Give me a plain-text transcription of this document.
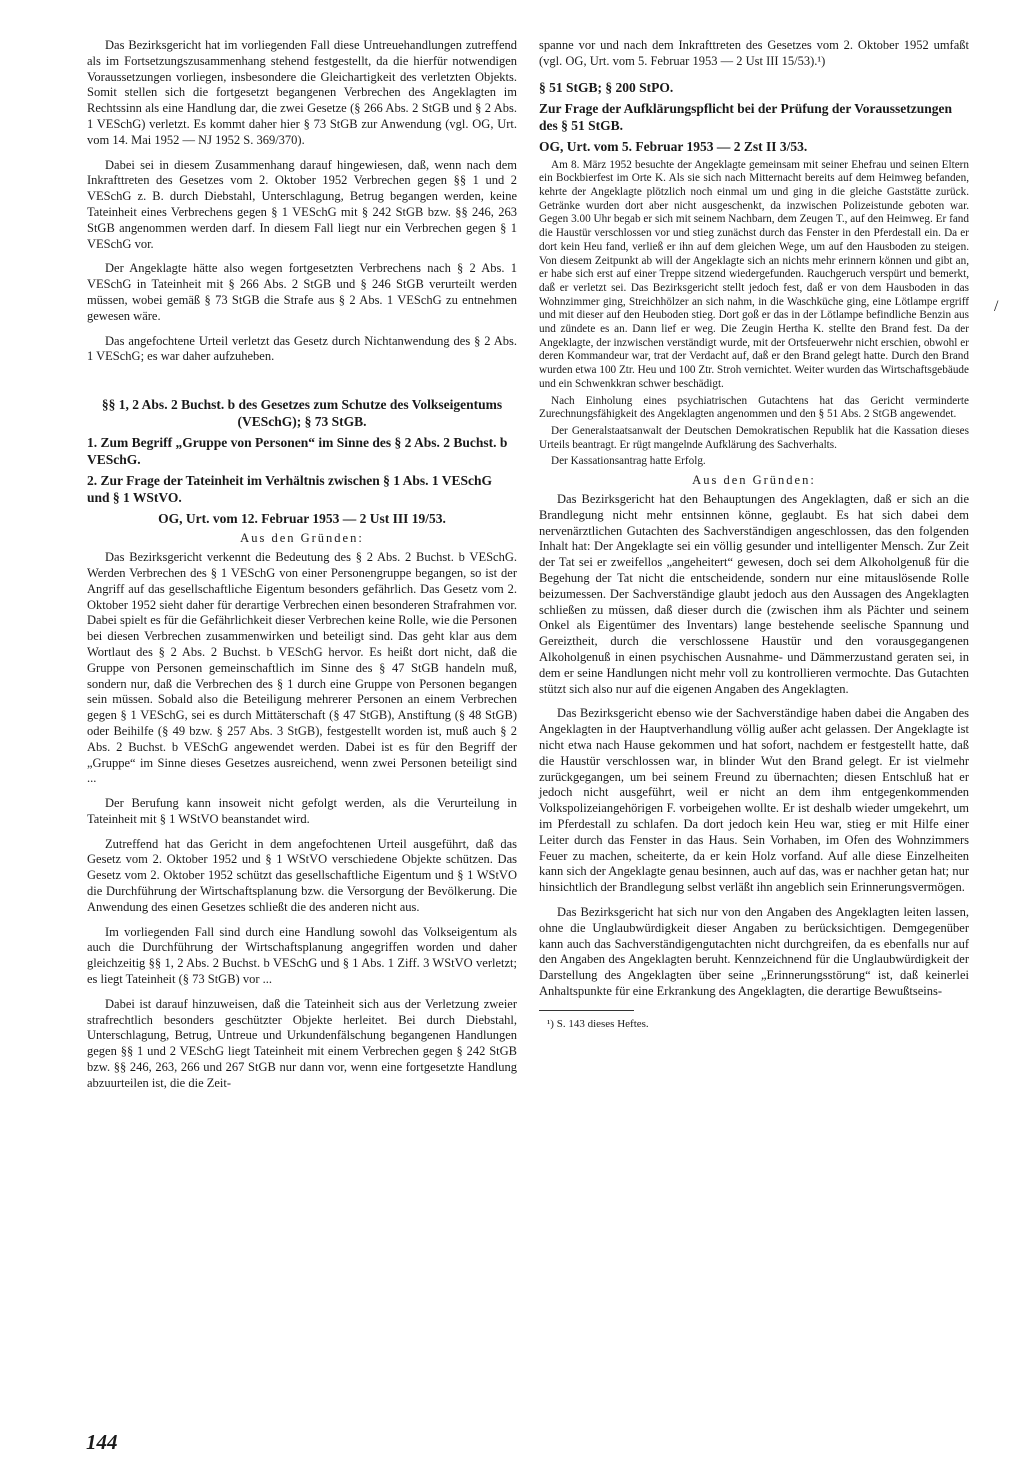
Das Bezirksgericht hat im vorliegenden Fall diese Untreuehandlungen zutreffend als im Fortsetzungszusammenhang stehend festgestellt, da die hierfür notwendigen Voraussetzungen vorliegen, insbesondere die Gleichartigkeit des verletzten Objekts. Somit stellen sich die fortgesetzt begangenen Verbrechen des Angeklagten im Rechtssinn als eine Handlung dar, die zwei Gesetze (§ 266 Abs. 2 StGB und § 2 Abs. 1 VESchG) verletzt. Es kommt daher hier § 73 StGB zur Anwendung (vgl. OG, Urt. vom 14. Mai 1952 — NJ 1952 S. 369/370).

Dabei sei in diesem Zusammenhang darauf hingewiesen, daß, wenn nach dem Inkrafttreten des Gesetzes vom 2. Oktober 1952 Verbrechen gegen §§ 1 und 2 VESchG z. B. durch Diebstahl, Unterschlagung, Betrug begangen werden, keine Tateinheit eines Verbrechens gegen § 1 VESchG mit § 242 StGB bzw. §§ 246, 263 StGB angenommen werden darf. In diesem Fall liegt nur ein Verbrechen gegen § 1 VESchG vor.

Der Angeklagte hätte also wegen fortgesetzten Verbrechens nach § 2 Abs. 1 VESchG in Tateinheit mit § 266 Abs. 2 StGB und § 246 StGB verurteilt werden müssen, wobei gemäß § 73 StGB die Strafe aus § 2 Abs. 1 VESchG zu entnehmen gewesen wäre.

Das angefochtene Urteil verletzt das Gesetz durch Nichtanwendung des § 2 Abs. 1 VESchG; es war daher aufzuheben.

§§ 1, 2 Abs. 2 Buchst. b des Gesetzes zum Schutze des Volkseigentums (VESchG); § 73 StGB.

1. Zum Begriff „Gruppe von Personen“ im Sinne des § 2 Abs. 2 Buchst. b VESchG.

2. Zur Frage der Tateinheit im Verhältnis zwischen § 1 Abs. 1 VESchG und § 1 WStVO.

OG, Urt. vom 12. Februar 1953 — 2 Ust III 19/53.

Aus den Gründen:

Das Bezirksgericht verkennt die Bedeutung des § 2 Abs. 2 Buchst. b VESchG. Werden Verbrechen des § 1 VESchG von einer Personengruppe begangen, so ist der Angriff auf das gesellschaftliche Eigentum besonders gefährlich. Das Gesetz vom 2. Oktober 1952 sieht daher für derartige Verbrechen einen besonderen Strafrahmen vor. Dabei spielt es für die Gefährlichkeit dieser Verbrechen keine Rolle, wie die Personen bei diesen Verbrechen zusammenwirken und beteiligt sind. Das geht klar aus dem Wortlaut des § 2 Abs. 2 Buchst. b VESchG hervor. Es heißt dort nicht, daß die Gruppe von Personen gemeinschaftlich im Sinne des § 47 StGB handeln muß, sondern nur, daß die Verbrechen des § 1 durch eine Gruppe von Personen begangen sein müssen. Sobald also die Beteiligung mehrerer Personen an einem Verbrechen gegen § 1 VESchG, sei es durch Mittäterschaft (§ 47 StGB), Anstiftung (§ 48 StGB) oder Beihilfe (§ 49 bzw. § 257 Abs. 3 StGB), festgestellt worden ist, muß auch § 2 Abs. 2 Buchst. b VESchG angewendet werden. Dabei ist es für den Begriff der „Gruppe“ im Sinne dieses Gesetzes ausreichend, wenn zwei Personen beteiligt sind ...

Der Berufung kann insoweit nicht gefolgt werden, als die Verurteilung in Tateinheit mit § 1 WStVO beanstandet wird.

Zutreffend hat das Gericht in dem angefochtenen Urteil ausgeführt, daß das Gesetz vom 2. Oktober 1952 und § 1 WStVO verschiedene Objekte schützen. Das Gesetz vom 2. Oktober 1952 schützt das gesellschaftliche Eigentum und § 1 WStVO die Durchführung der Wirtschaftsplanung bzw. die Versorgung der Bevölkerung. Die Anwendung des einen Gesetzes schließt die des anderen nicht aus.

Im vorliegenden Fall sind durch eine Handlung sowohl das Volkseigentum als auch die Durchführung der Wirtschaftsplanung angegriffen worden und daher gleichzeitig §§ 1, 2 Abs. 2 Buchst. b VESchG und § 1 Abs. 1 Ziff. 3 WStVO verletzt; es liegt Tateinheit (§ 73 StGB) vor ...

Dabei ist darauf hinzuweisen, daß die Tateinheit sich aus der Verletzung zweier strafrechtlich besonders geschützter Objekte herleitet. Bei durch Diebstahl, Unterschlagung, Betrug, Untreue und Urkundenfälschung begangenen Handlungen gegen §§ 1 und 2 VESchG liegt Tateinheit mit einem Verbrechen gegen § 242 StGB bzw. §§ 246, 263, 266 und 267 StGB nur dann vor, wenn eine fortgesetzte Handlung abzuurteilen ist, die die Zeit-

spanne vor und nach dem Inkrafttreten des Gesetzes vom 2. Oktober 1952 umfaßt (vgl. OG, Urt. vom 5. Februar 1953 — 2 Ust III 15/53).¹)

§ 51 StGB; § 200 StPO.

Zur Frage der Aufklärungspflicht bei der Prüfung der Voraussetzungen des § 51 StGB.

OG, Urt. vom 5. Februar 1953 — 2 Zst II 3/53.

Am 8. März 1952 besuchte der Angeklagte gemeinsam mit seiner Ehefrau und seinen Eltern ein Bockbierfest im Orte K. Als sie sich nach Mitternacht bereits auf dem Heimweg befanden, kehrte der Angeklagte plötzlich noch einmal um und ging in die gleiche Gaststätte zurück. Getränke wurden dort aber nicht ausgeschenkt, da inzwischen Polizeistunde geboten war. Gegen 3.00 Uhr begab er sich mit seinem Nachbarn, dem Zeugen T., auf den Heimweg. Er fand die Haustür verschlossen vor und stieg zunächst durch das Fenster in den Pferdestall ein. Da er dort kein Heu fand, verließ er ihn auf dem gleichen Wege, um auf den Hausboden zu steigen. Von diesem Zeitpunkt ab will der Angeklagte sich an nichts mehr erinnern können und gibt an, er habe sich erst auf einer Treppe sitzend wiedergefunden. Rauchgeruch verspürt und bemerkt, daß er verletzt sei. Das Bezirksgericht stellt jedoch fest, daß er von dem Hausboden in das Wohnzimmer ging, Streichhölzer an sich nahm, in die Waschküche ging, eine Lötlampe ergriff und mit dieser auf den Heuboden stieg. Dort goß er das in der Lötlampe befindliche Benzin aus und zündete es an. Dann lief er weg. Die Zeugin Hertha K. stellte den Brand fest. Da der Angeklagte, der inzwischen verständigt wurde, mit der Ortsfeuerwehr nicht erschien, obwohl er deren Kommandeur war, trat der Verdacht auf, daß er den Brand gelegt hatte. Durch den Brand wurden etwa 100 Ztr. Heu und 100 Ztr. Stroh vernichtet. Weiter wurden das Wirtschaftsgebäude und ein Schwenkkran schwer beschädigt.

Nach Einholung eines psychiatrischen Gutachtens hat das Gericht verminderte Zurechnungsfähigkeit des Angeklagten angenommen und den § 51 Abs. 2 StGB angewendet.

Der Generalstaatsanwalt der Deutschen Demokratischen Republik hat die Kassation dieses Urteils beantragt. Er rügt mangelnde Aufklärung des Sachverhalts.

Der Kassationsantrag hatte Erfolg.

Aus den Gründen:

Das Bezirksgericht hat den Behauptungen des Angeklagten, daß er sich an die Brandlegung nicht mehr entsinnen könne, geglaubt. Es hat sich dabei dem nervenärztlichen Gutachten des Sachverständigen angeschlossen, das den folgenden Inhalt hat: Der Angeklagte sei ein völlig gesunder und intelligenter Mensch. Zur Zeit der Tat sei er zweifellos „angeheitert“ gewesen, doch sei dem Alkoholgenuß für die Begehung der Tat nicht die entscheidende, sondern nur eine mitauslösende Rolle beizumessen. Der Sachverständige glaubt jedoch aus den Aussagen des Angeklagten schließen zu müssen, daß dieser durch die (zwischen ihm als Pächter und seinem Onkel als Eigentümer des Inventars) lange bestehende seelische Spannung und Gereiztheit, durch die verschlossene Haustür und den vorausgegangenen Alkoholgenuß in einen psychischen Ausnahme- und Dämmerzustand geraten sei, in dem er seine Handlungen nicht mehr voll zu kontrollieren vermochte. Das Gutachten stützt sich also nur auf die eigenen Angaben des Angeklagten.

Das Bezirksgericht ebenso wie der Sachverständige haben dabei die Angaben des Angeklagten in der Hauptverhandlung völlig außer acht gelassen. Der Angeklagte ist nicht etwa nach Hause gekommen und hat sofort, nachdem er festgestellt hatte, daß die Haustür verschlossen war, in blinder Wut den Brand gelegt. Er ist vielmehr zurückgegangen, um bei seinem Freund zu übernachten; diesen Entschluß hat er jedoch nicht ausgeführt, weil er nicht an dem ihm entgegenkommenden Volkspolizeiangehörigen F. vorbeigehen wollte. Er ist deshalb wieder umgekehrt, um im Pferdestall zu schlafen. Da dort jedoch kein Heu war, stieg er mit Hilfe einer Leiter durch das Fenster in das Haus. Sein Vorhaben, im Ofen des Wohnzimmers Feuer zu machen, scheiterte, da er kein Holz vorfand. Auf alle diese Einzelheiten kann sich der Angeklagte genau besinnen, auch auf das, was er nachher getan hat; nur hinsichtlich der Brandlegung selbst verläßt ihn angeblich sein Erinnerungsvermögen.

Das Bezirksgericht hat sich nur von den Angaben des Angeklagten leiten lassen, ohne die Unglaubwürdigkeit dieser Angaben zu berücksichtigen. Demgegenüber kann auch das Sachverständigengutachten nicht durchgreifen, da es ebenfalls nur auf den Angaben des Angeklagten beruht. Kennzeichnend für die Unglaubwürdigkeit der Darstellung des Angeklagten über seine „Erinnerungsstörung“ ist, daß keinerlei Anhaltspunkte für eine Erkrankung des Angeklagten, die derartige Bewußtseins-

¹) S. 143 dieses Heftes.

/
144
